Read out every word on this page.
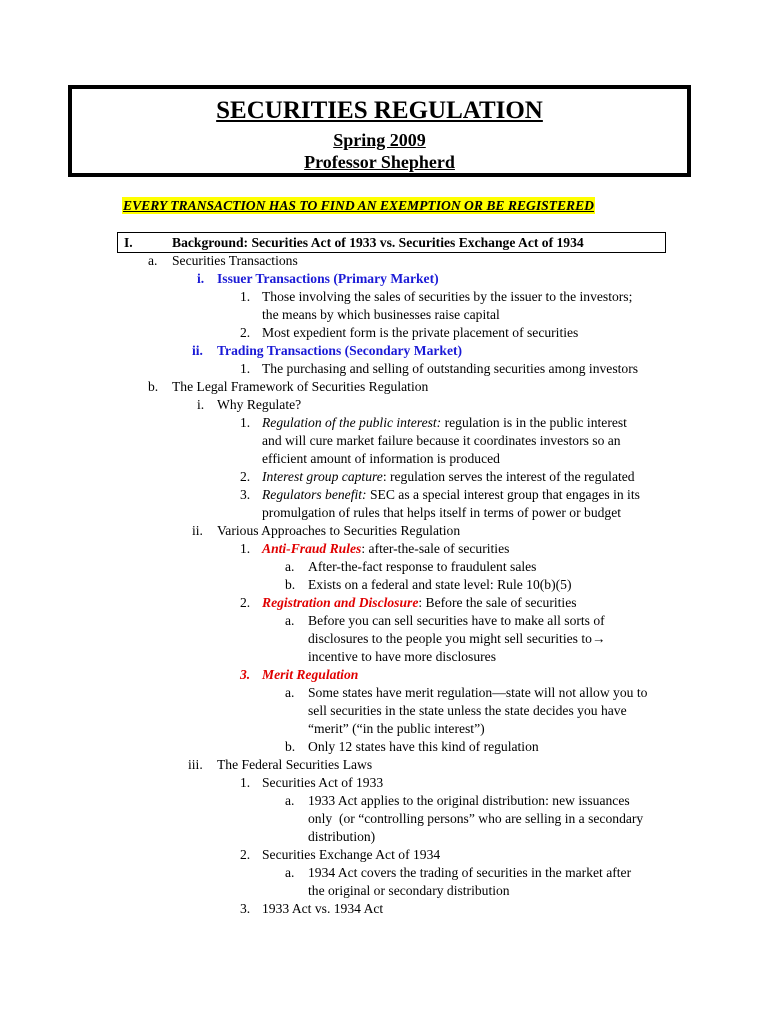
SECURITIES REGULATION
Spring 2009
Professor Shepherd
EVERY TRANSACTION HAS TO FIND AN EXEMPTION OR BE REGISTERED
I.	Background: Securities Act of 1933 vs. Securities Exchange Act of 1934
a. Securities Transactions
i. Issuer Transactions (Primary Market)
1. Those involving the sales of securities by the issuer to the investors;
the means by which businesses raise capital
2. Most expedient form is the private placement of securities
ii. Trading Transactions (Secondary Market)
1. The purchasing and selling of outstanding securities among investors
b. The Legal Framework of Securities Regulation
i. Why Regulate?
1. Regulation of the public interest: regulation is in the public interest
and will cure market failure because it coordinates investors so an
efficient amount of information is produced
2. Interest group capture: regulation serves the interest of the regulated
3. Regulators benefit: SEC as a special interest group that engages in its
promulgation of rules that helps itself in terms of power or budget
ii. Various Approaches to Securities Regulation
1. Anti-Fraud Rules: after-the-sale of securities
a. After-the-fact response to fraudulent sales
b. Exists on a federal and state level: Rule 10(b)(5)
2. Registration and Disclosure: Before the sale of securities
a. Before you can sell securities have to make all sorts of
disclosures to the people you might sell securities to→
incentive to have more disclosures
3. Merit Regulation
a. Some states have merit regulation—state will not allow you to
sell securities in the state unless the state decides you have
“merit” (“in the public interest”)
b. Only 12 states have this kind of regulation
iii. The Federal Securities Laws
1. Securities Act of 1933
a. 1933 Act applies to the original distribution: new issuances
only  (or “controlling persons” who are selling in a secondary
distribution)
2. Securities Exchange Act of 1934
a. 1934 Act covers the trading of securities in the market after
the original or secondary distribution
3. 1933 Act vs. 1934 Act
